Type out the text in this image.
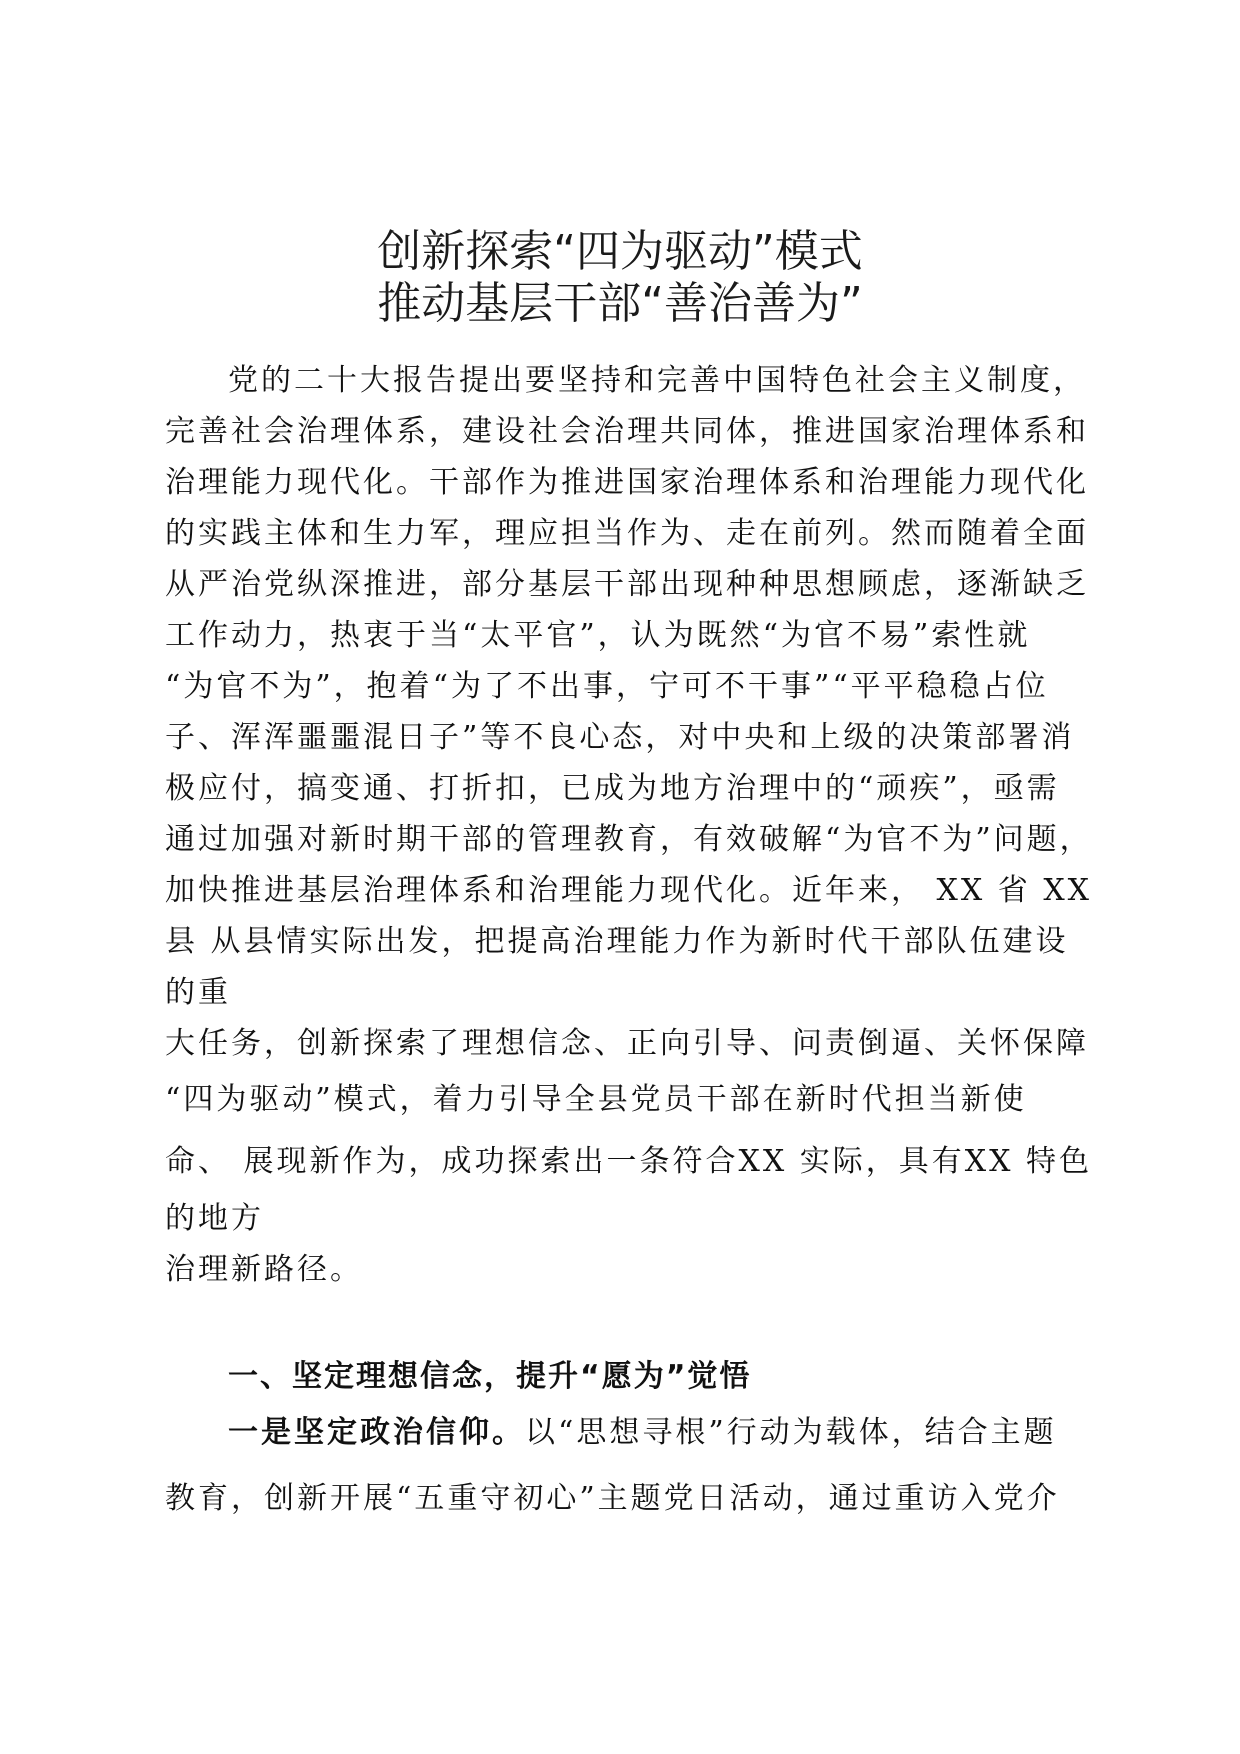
创新探索“四为驱动”模式
推动基层干部“善治善为”
党的二十大报告提出要坚持和完善中国特色社会主义制度，
完善社会治理体系，建设社会治理共同体，推进国家治理体系和
治理能力现代化。干部作为推进国家治理体系和治理能力现代化
的实践主体和生力军，理应担当作为、走在前列。然而随着全面
从严治党纵深推进，部分基层干部出现种种思想顾虑，逐渐缺乏
工作动力，热衷于当“太平官”，认为既然“为官不易”索性就
“为官不为”，抱着“为了不出事，宁可不干事”“平平稳稳占位
子、浑浑噩噩混日子”等不良心态，对中央和上级的决策部署消
极应付，搞变通、打折扣，已成为地方治理中的“顽疾”，亟需
通过加强对新时期干部的管理教育，有效破解“为官不为”问题，
加快推进基层治理体系和治理能力现代化。近年来， XX 省 XX
县 从县情实际出发，把提高治理能力作为新时代干部队伍建设
的重
大任务，创新探索了理想信念、正向引导、问责倒逼、关怀保障
“四为驱动”模式，着力引导全县党员干部在新时代担当新使
命、 展现新作为，成功探索出一条符合XX 实际，具有XX 特色
的地方
治理新路径。
一、坚定理想信念，提升“愿为”觉悟
一是坚定政治信仰。以“思想寻根”行动为载体，结合主题
教育，创新开展“五重守初心”主题党日活动，通过重访入党介
